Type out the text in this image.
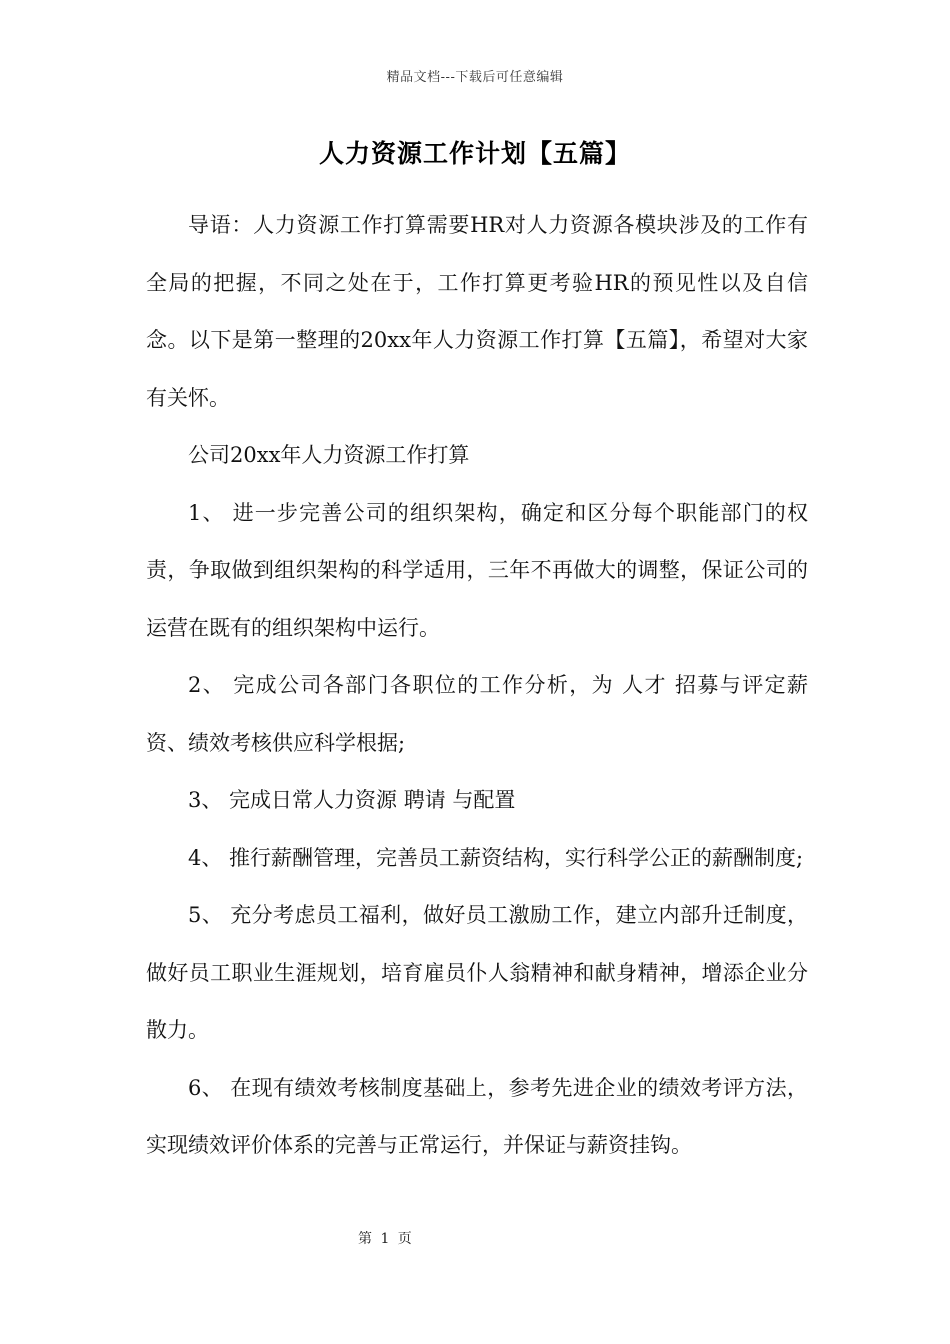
精品文档---下载后可任意编辑
人力资源工作计划【五篇】

导语：人力资源工作打算需要HR对人力资源各模块涉及的工作有全局的把握，不同之处在于，工作打算更考验HR的预见性以及自信念。以下是第一整理的20xx年人力资源工作打算【五篇】，希望对大家有关怀。

公司20xx年人力资源工作打算

1、 进一步完善公司的组织架构，确定和区分每个职能部门的权责，争取做到组织架构的科学适用，三年不再做大的调整，保证公司的运营在既有的组织架构中运行。

2、 完成公司各部门各职位的工作分析，为 人才 招募与评定薪资、绩效考核供应科学根据;

3、 完成日常人力资源 聘请 与配置

4、 推行薪酬管理，完善员工薪资结构，实行科学公正的薪酬制度;

5、 充分考虑员工福利，做好员工激励工作，建立内部升迁制度，做好员工职业生涯规划，培育雇员仆人翁精神和献身精神，增添企业分散力。

6、 在现有绩效考核制度基础上，参考先进企业的绩效考评方法，实现绩效评价体系的完善与正常运行，并保证与薪资挂钩。

第 1 页
